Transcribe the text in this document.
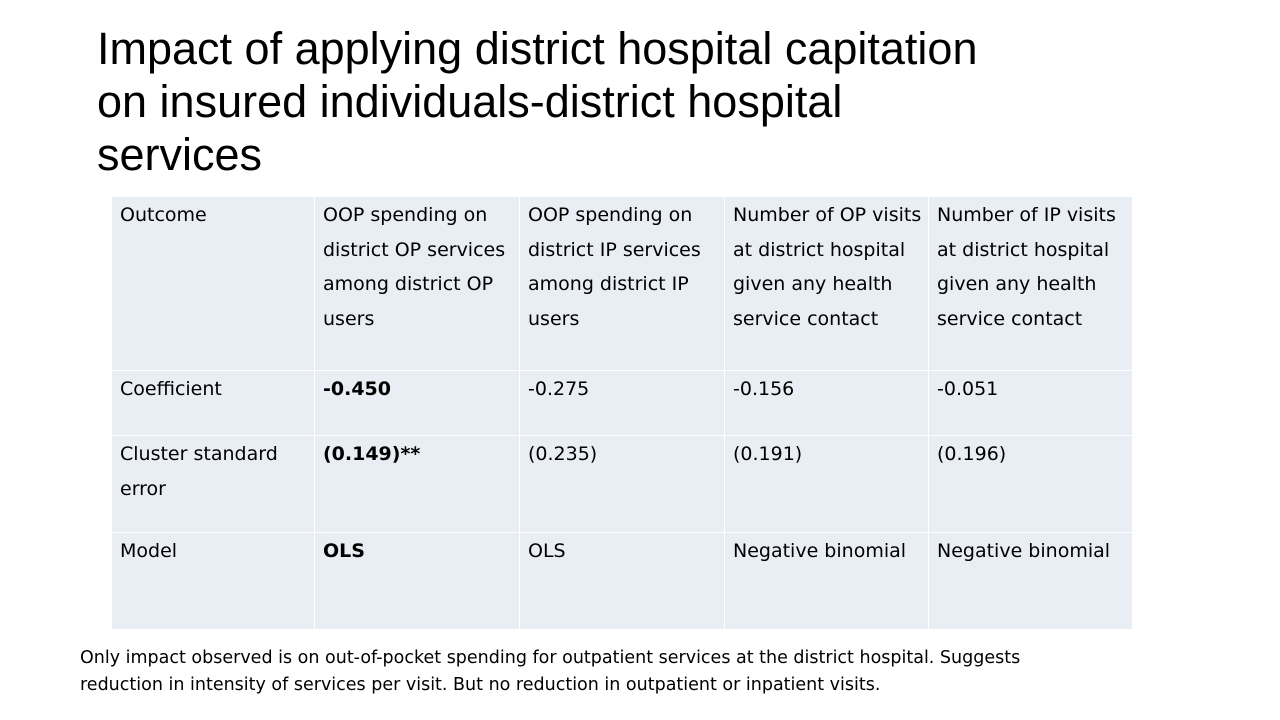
Impact of applying district hospital capitation
on insured individuals-district hospital
services
Outcome	OOP spending on district OP services among district OP users	OOP spending on district IP services among district IP users	Number of OP visits at district hospital given any health service contact	Number of IP visits at district hospital given any health service contact
Coefficient	-0.450	-0.275	-0.156	-0.051
Cluster standard error	(0.149)**	(0.235)	(0.191)	(0.196)
Model	OLS	OLS	Negative binomial	Negative binomial

Only impact observed is on out-of-pocket spending for outpatient services at the district hospital. Suggests
reduction in intensity of services per visit. But no reduction in outpatient or inpatient visits.
